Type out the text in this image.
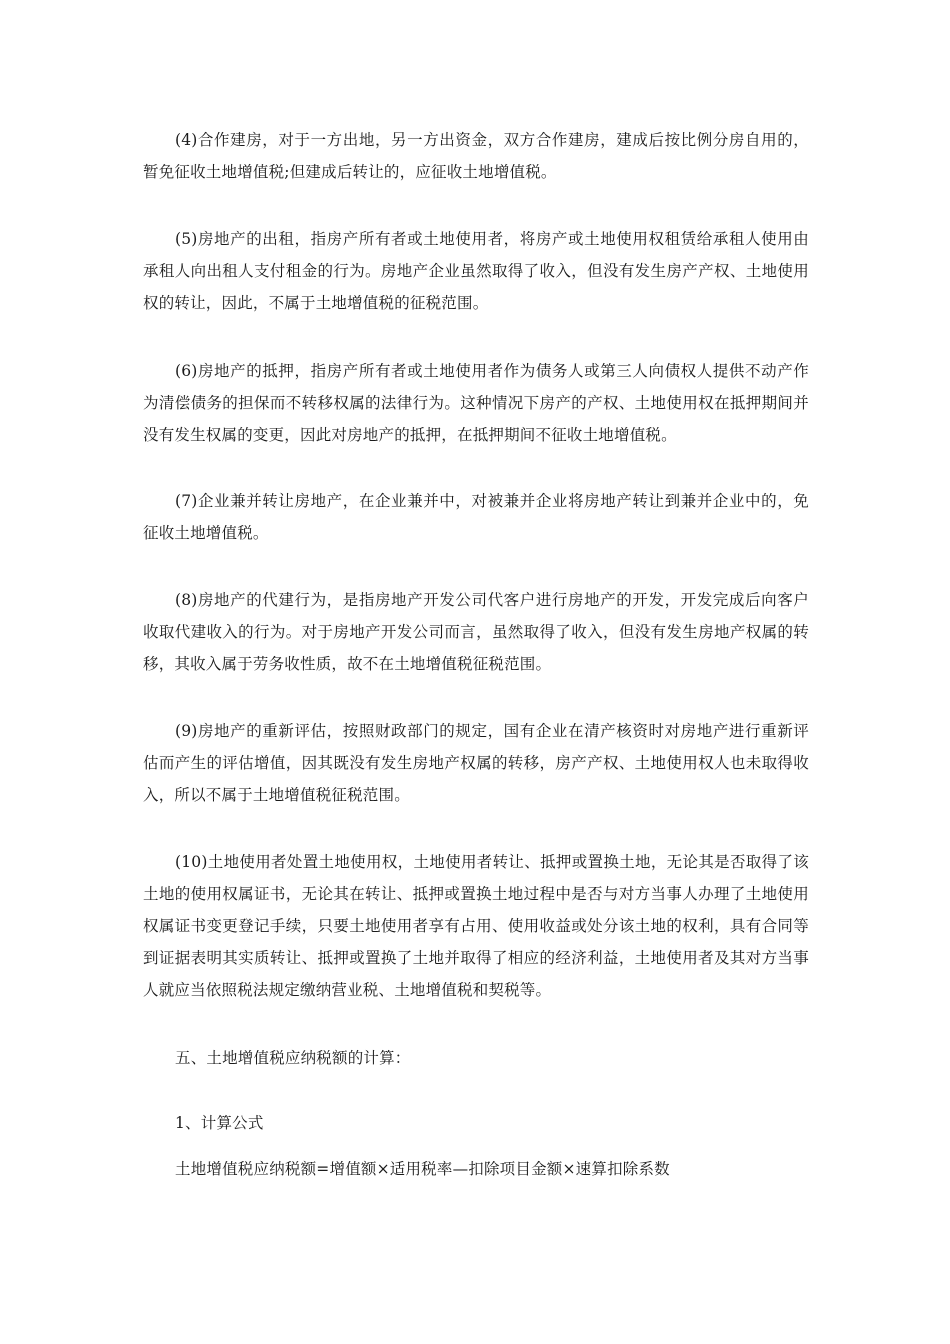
(4)合作建房，对于一方出地，另一方出资金，双方合作建房，建成后按比例分房自用的，暂免征收土地增值税;但建成后转让的，应征收土地增值税。

(5)房地产的出租，指房产所有者或土地使用者，将房产或土地使用权租赁给承租人使用由承租人向出租人支付租金的行为。房地产企业虽然取得了收入，但没有发生房产产权、土地使用权的转让，因此，不属于土地增值税的征税范围。

(6)房地产的抵押，指房产所有者或土地使用者作为债务人或第三人向债权人提供不动产作为清偿债务的担保而不转移权属的法律行为。这种情况下房产的产权、土地使用权在抵押期间并没有发生权属的变更，因此对房地产的抵押，在抵押期间不征收土地增值税。

(7)企业兼并转让房地产，在企业兼并中，对被兼并企业将房地产转让到兼并企业中的，免征收土地增值税。

(8)房地产的代建行为，是指房地产开发公司代客户进行房地产的开发，开发完成后向客户收取代建收入的行为。对于房地产开发公司而言，虽然取得了收入，但没有发生房地产权属的转移，其收入属于劳务收性质，故不在土地增值税征税范围。

(9)房地产的重新评估，按照财政部门的规定，国有企业在清产核资时对房地产进行重新评估而产生的评估增值，因其既没有发生房地产权属的转移，房产产权、土地使用权人也未取得收入，所以不属于土地增值税征税范围。

(10)土地使用者处置土地使用权，土地使用者转让、抵押或置换土地，无论其是否取得了该土地的使用权属证书，无论其在转让、抵押或置换土地过程中是否与对方当事人办理了土地使用权属证书变更登记手续，只要土地使用者享有占用、使用收益或处分该土地的权利，具有合同等到证据表明其实质转让、抵押或置换了土地并取得了相应的经济利益，土地使用者及其对方当事人就应当依照税法规定缴纳营业税、土地增值税和契税等。

五、土地增值税应纳税额的计算：

1、计算公式

土地增值税应纳税额=增值额×适用税率—扣除项目金额×速算扣除系数
